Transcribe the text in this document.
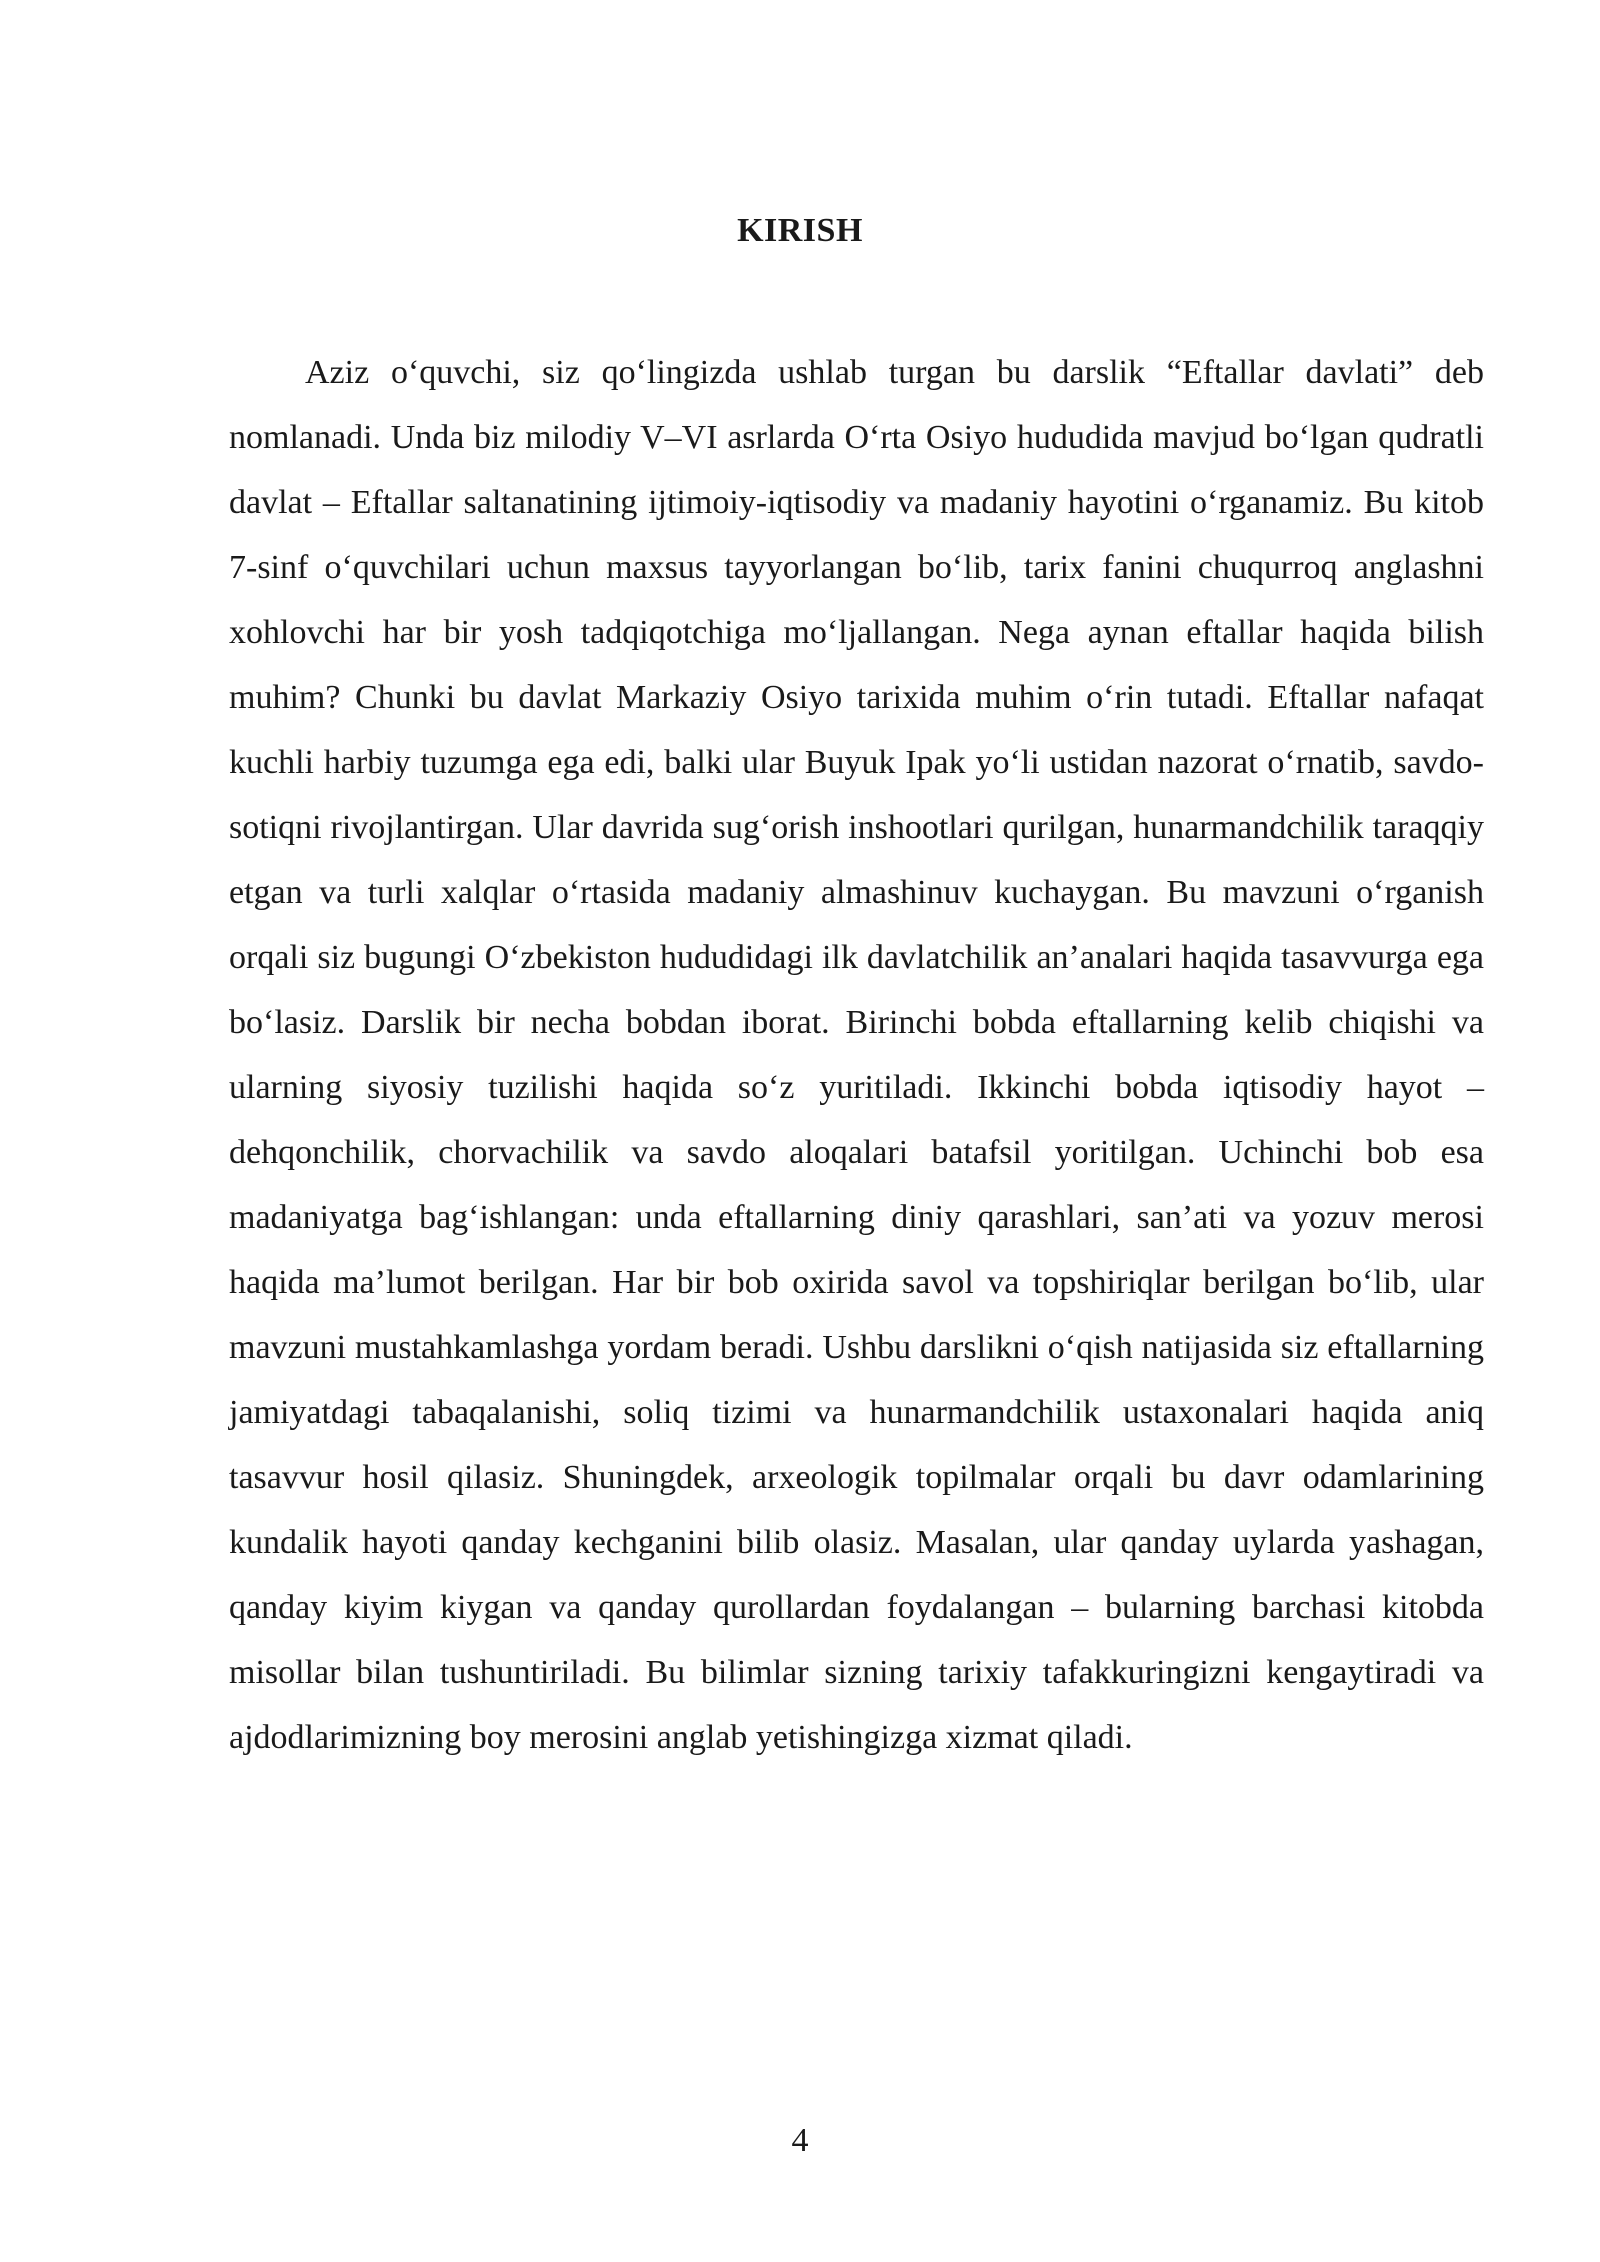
KIRISH

Aziz o‘quvchi, siz qo‘lingizda ushlab turgan bu darslik “Eftallar davlati” deb nomlanadi. Unda biz milodiy V–VI asrlarda O‘rta Osiyo hududida mavjud bo‘lgan qudratli davlat – Eftallar saltanatining ijtimoiy-iqtisodiy va madaniy hayotini o‘rganamiz. Bu kitob 7-sinf o‘quvchilari uchun maxsus tayyorlangan bo‘lib, tarix fanini chuqurroq anglashni xohlovchi har bir yosh tadqiqotchiga mo‘ljallangan. Nega aynan eftallar haqida bilish muhim? Chunki bu davlat Markaziy Osiyo tarixida muhim o‘rin tutadi. Eftallar nafaqat kuchli harbiy tuzumga ega edi, balki ular Buyuk Ipak yo‘li ustidan nazorat o‘rnatib, savdo-sotiqni rivojlantirgan. Ular davrida sug‘orish inshootlari qurilgan, hunarmandchilik taraqqiy etgan va turli xalqlar o‘rtasida madaniy almashinuv kuchaygan. Bu mavzuni o‘rganish orqali siz bugungi O‘zbekiston hududidagi ilk davlatchilik an’analari haqida tasavvurga ega bo‘lasiz. Darslik bir necha bobdan iborat. Birinchi bobda eftallarning kelib chiqishi va ularning siyosiy tuzilishi haqida so‘z yuritiladi. Ikkinchi bobda iqtisodiy hayot – dehqonchilik, chorvachilik va savdo aloqalari batafsil yoritilgan. Uchinchi bob esa madaniyatga bag‘ishlangan: unda eftallarning diniy qarashlari, san’ati va yozuv merosi haqida ma’lumot berilgan. Har bir bob oxirida savol va topshiriqlar berilgan bo‘lib, ular mavzuni mustahkamlashga yordam beradi. Ushbu darslikni o‘qish natijasida siz eftallarning jamiyatdagi tabaqalanishi, soliq tizimi va hunarmandchilik ustaxonalari haqida aniq tasavvur hosil qilasiz. Shuningdek, arxeologik topilmalar orqali bu davr odamlarining kundalik hayoti qanday kechganini bilib olasiz. Masalan, ular qanday uylarda yashagan, qanday kiyim kiygan va qanday qurollardan foydalangan – bularning barchasi kitobda misollar bilan tushuntiriladi. Bu bilimlar sizning tarixiy tafakkuringizni kengaytiradi va ajdodlarimizning boy merosini anglab yetishingizga xizmat qiladi.

4
